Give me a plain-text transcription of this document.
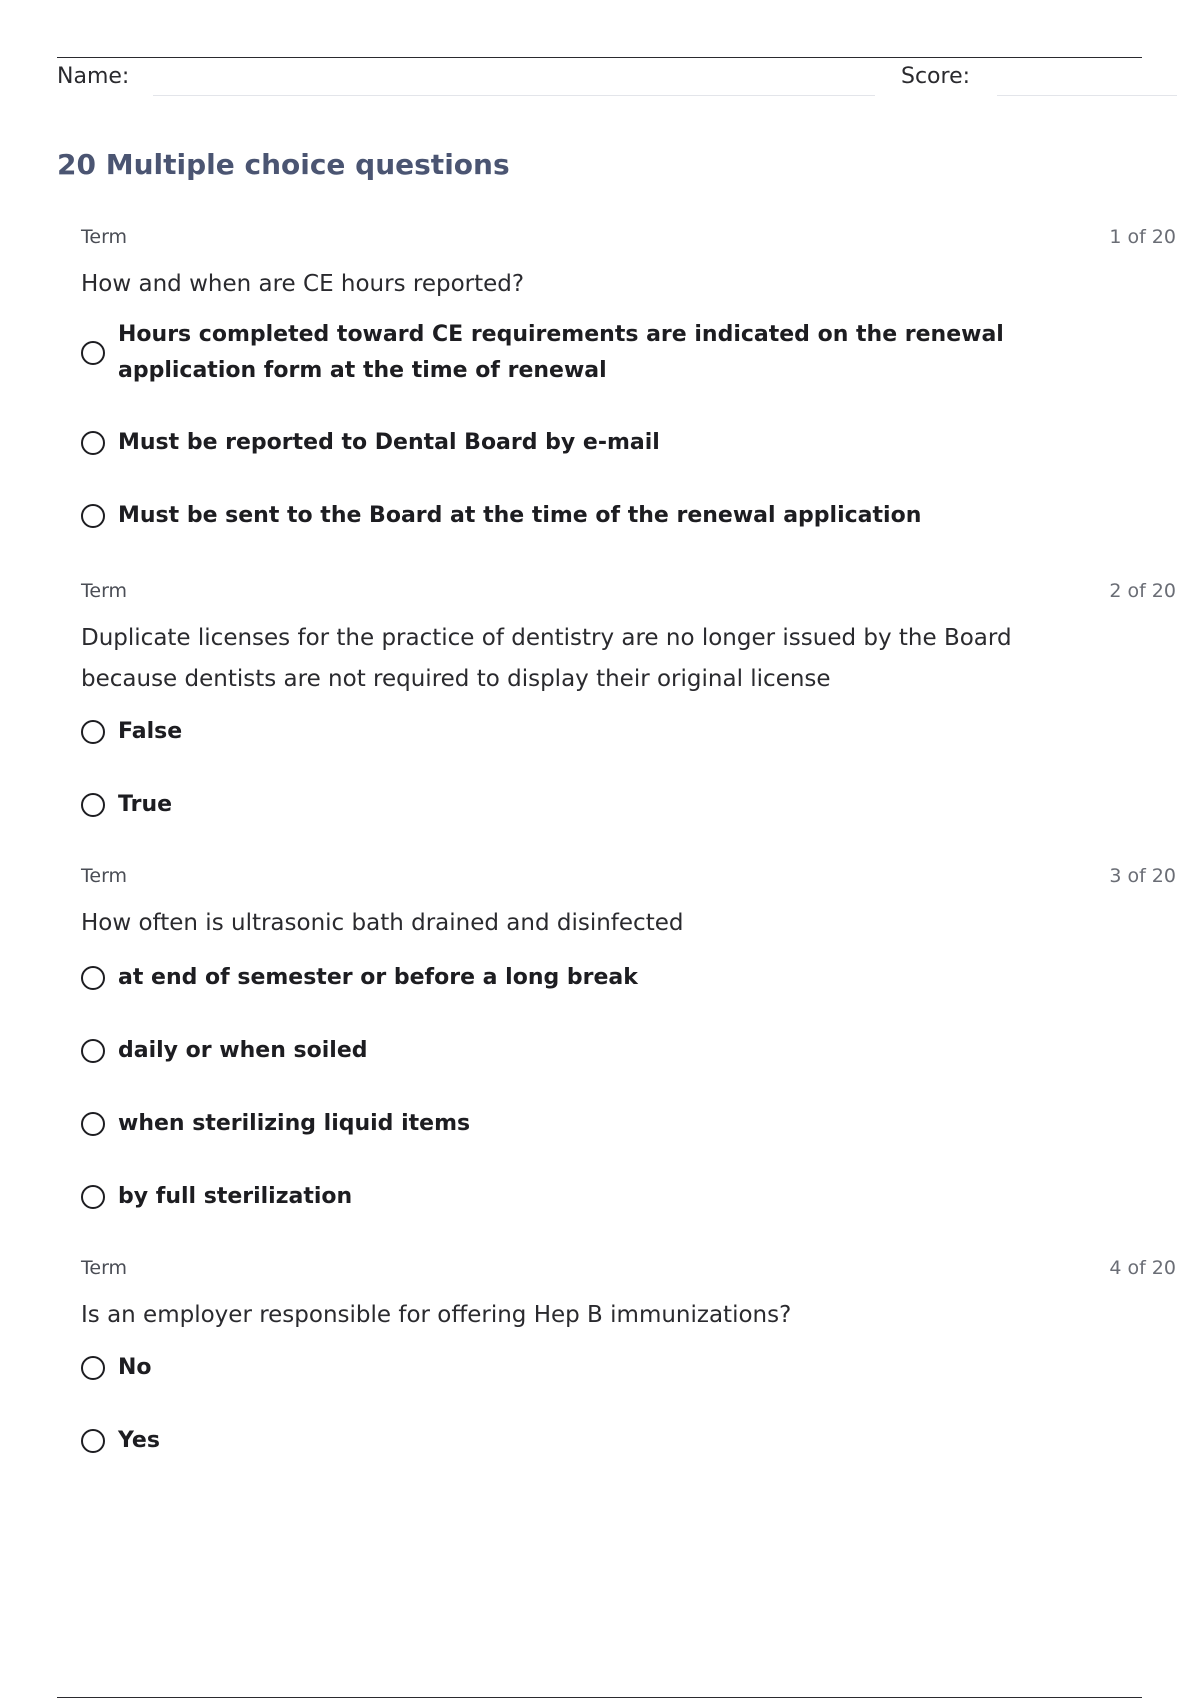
Name:	Score:
20 Multiple choice questions
Term	1 of 20

How and when are CE hours reported?

Hours completed toward CE requirements are indicated on the renewal application form at the time of renewal
Must be reported to Dental Board by e-mail
Must be sent to the Board at the time of the renewal application
Term	2 of 20

Duplicate licenses for the practice of dentistry are no longer issued by the Board because dentists are not required to display their original license

False
True
Term	3 of 20

How often is ultrasonic bath drained and disinfected

at end of semester or before a long break
daily or when soiled
when sterilizing liquid items
by full sterilization
Term	4 of 20

Is an employer responsible for offering Hep B immunizations?

No
Yes
